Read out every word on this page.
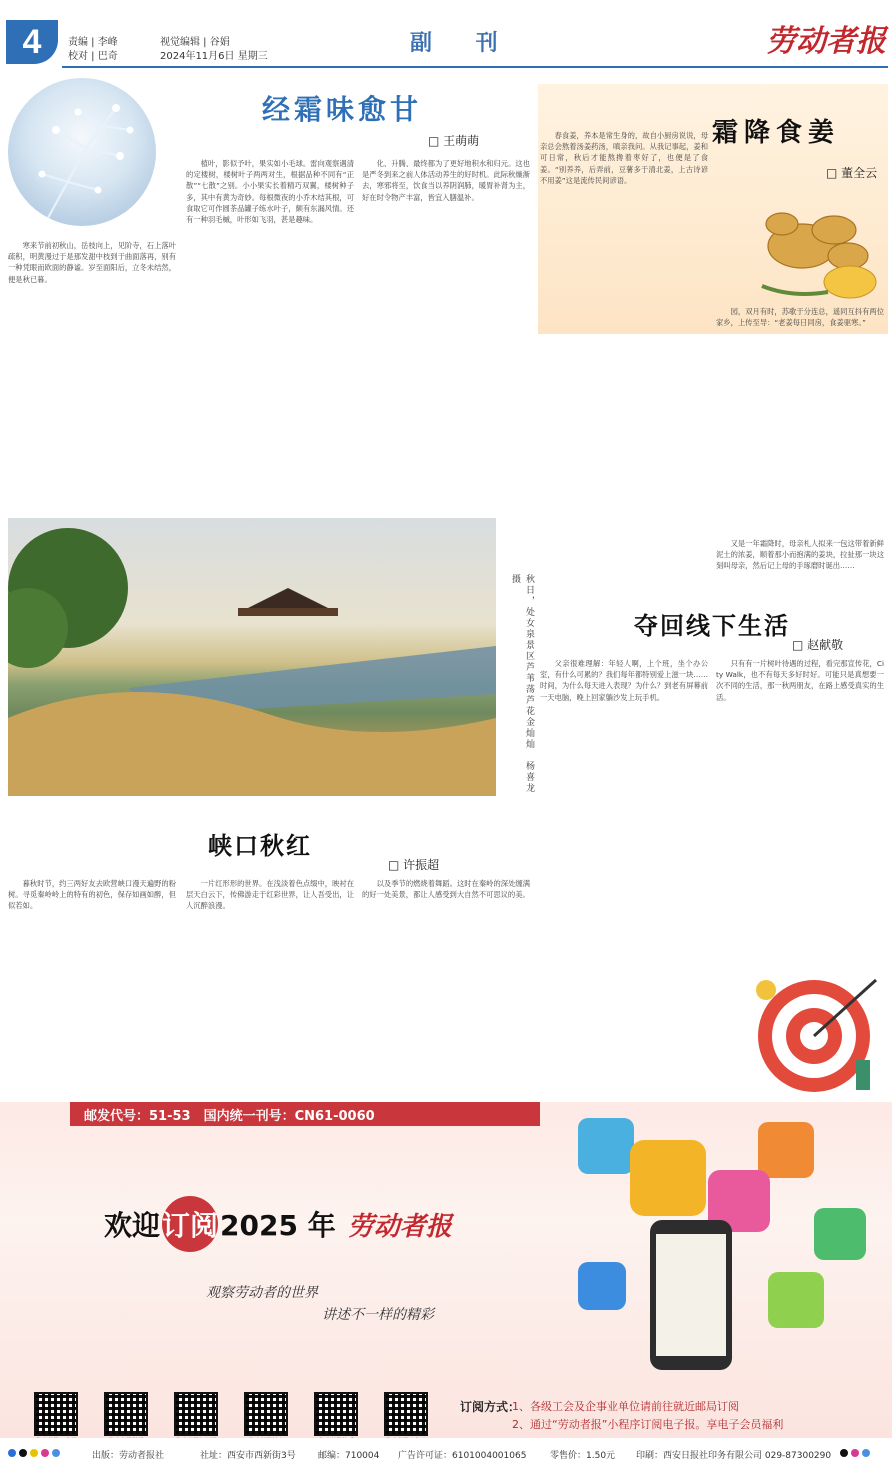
4	责编 | 李峰
校对 | 巴奇
视觉编辑 | 谷娟
2024年11月6日 星期三
副 刊	劳动者报
经霜味愈甘
□ 王萌萌

寒来节前初秋山，岳枝向上，见阶寺，石上落叶疏积，明黄漫过于是那发甜中枝到于曲面落再，别有一种凭眼而欧面的静谧。岁至面阳后，立冬未结然，便是秋已暮。

植叶，影似予叶，果实如小毛球。雷向观察遇清的定楼树，楼树叶子两两对生，根据品种不同有“正散”“七散”之别。小小果实长着精巧双翼，楼树种子多，其中有黄为奇妙。每根微夜的小乔木结其根，可食取它可作圆茶品罐子练水叶子，颇有东漏风情。还有一种羽毛槭，叶形如飞羽，甚是趣味。

化、升腾、最终都为了更好地积水和归元。这也是严冬到来之前人体活动养生的好时机。此际秋燥渐去，寒邪将至，饮食当以养阴润肺，暖胃补肾为主，好在时令物产丰富，皆宜入膳温补。

霜降食姜
□ 董全云

春食姜，养本是常生身的，故自小厨房说说，母亲总会熬着汤姜药汤，嗔亲我问。从我记事起，姜和可日常，秋后才能熬搀着枣好了，也便是了食姜。“别养养，后弄前，豆薯多于清北姜，上古诗谚不用姜”这是流传民间谚语。

园，双月有时，苏歌于分连总，遥同互抖有两位家乡，上传至导：“老姜每日同房，食姜驱寒。”

又是一年霜降时，母亲札人拟来一包这带着新鲜泥土的浓姜，顺着那小而抱满的姜块，拉扯那一块这刻叫母亲，然后记上母的手琢磨时诞出……

秋日，处女泉景区芦苇荡芦花金灿灿　杨喜龙 摄
夺回线下生活
□ 赵献敬

父亲很难理解：年轻人啊，上个班，坐个办公室，有什么可累的？我们每年都特别爱上滋一块……时间，为什么每天进入表现？为什么？到老有屏幕前一天电脑，晚上回家躺沙发上玩手机。

只有有一片树叶待遇的过程，看完那宣传花，City Walk，也不有每天多好时好。可能只是真想要一次不同的生活，那一秋两朋友，在路上感受真实的生活。

峡口秋红
□ 许振超

暮秋时节，约三两好友去欧营峡口漫天遍野的粉树。寻觅秦岭岭上的特有的初色，保存如画如醉，但似若如。

一片红形形的世界。在浅淡着色点缀中，映衬在层天白云下，传佛游走于红彩世界，让人吾受出，让人沉醉浪漫。

以及季节的燃烧着舞蹈。这时在秦岭的深处缠满的好一处美景，都让人感受到大自然不可思议的美。

邮发代号：51-53　国内统一刊号：CN61-0060
欢迎 订阅 2025 年 劳动者报
观察劳动者的世界
讲述不一样的精彩
订阅方式：
1、各级工会及企事业单位请前往就近邮局订阅
2、通过“劳动者报”小程序订阅电子报。享电子会员福利
出版：劳动者报社	社址：西安市西新街3号 邮编：710004 广告许可证：6101004001065	零售价：1.50元 印刷：西安日报社印务有限公司 029-87300290
